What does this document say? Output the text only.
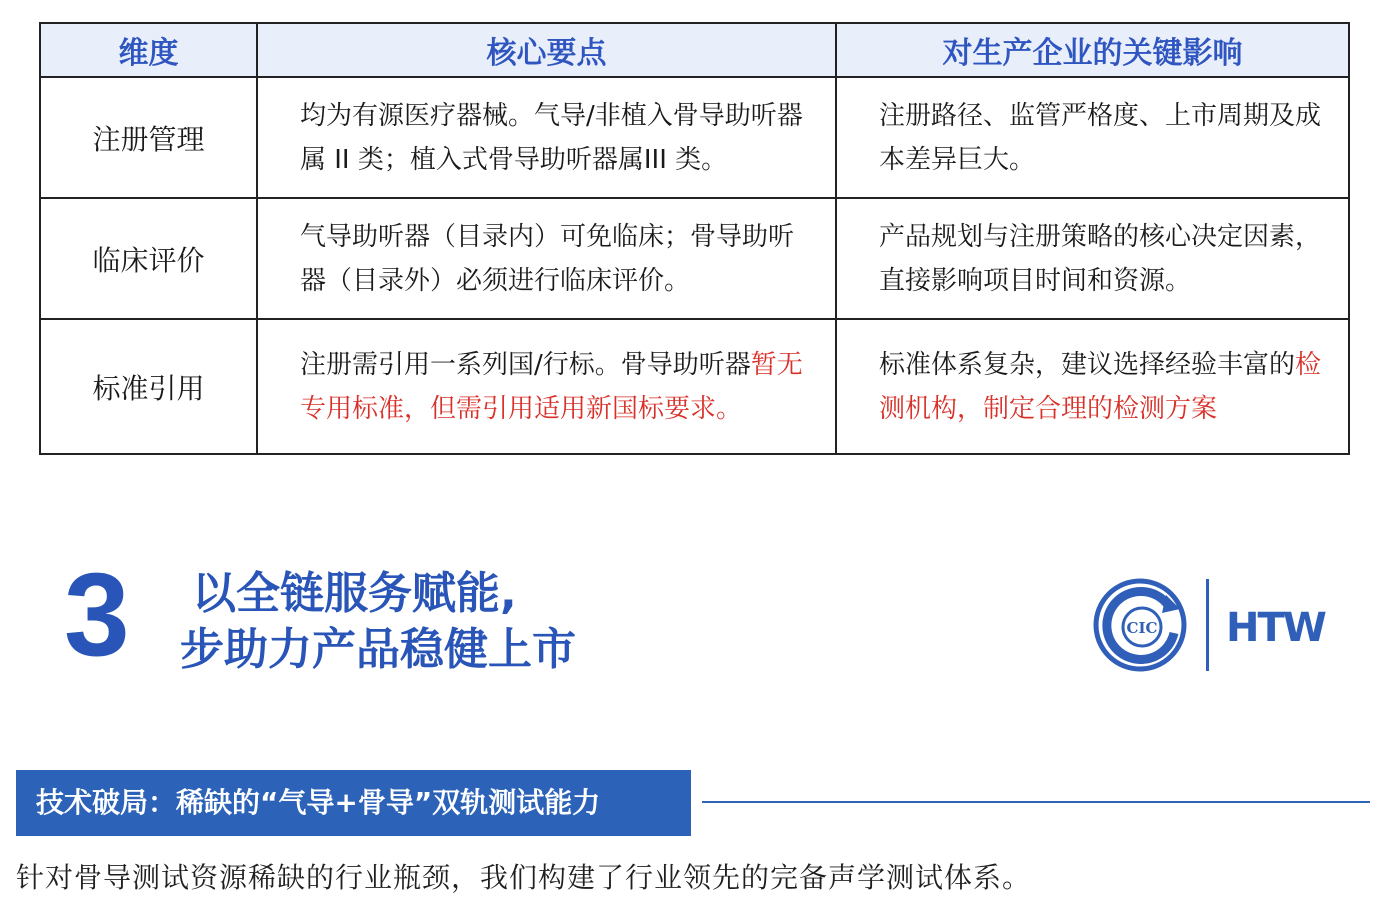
维度	核心要点	对生产企业的关键影响
注册管理	均为有源医疗器械。气导/非植入骨导助听器属 II 类；植入式骨导助听器属III 类。	注册路径、监管严格度、上市周期及成本差异巨大。
临床评价	气导助听器（目录内）可免临床；骨导助听器（目录外）必须进行临床评价。	产品规划与注册策略的核心决定因素，直接影响项目时间和资源。
标准引用	注册需引用一系列国/行标。骨导助听器暂无专用标准，但需引用适用新国标要求。	标准体系复杂，建议选择经验丰富的检测机构，制定合理的检测方案
3 以全链服务赋能,
步助力产品稳健上市	CIC HTW
技术破局：稀缺的“气导+骨导”双轨测试能力
针对骨导测试资源稀缺的行业瓶颈，我们构建了行业领先的完备声学测试体系。
